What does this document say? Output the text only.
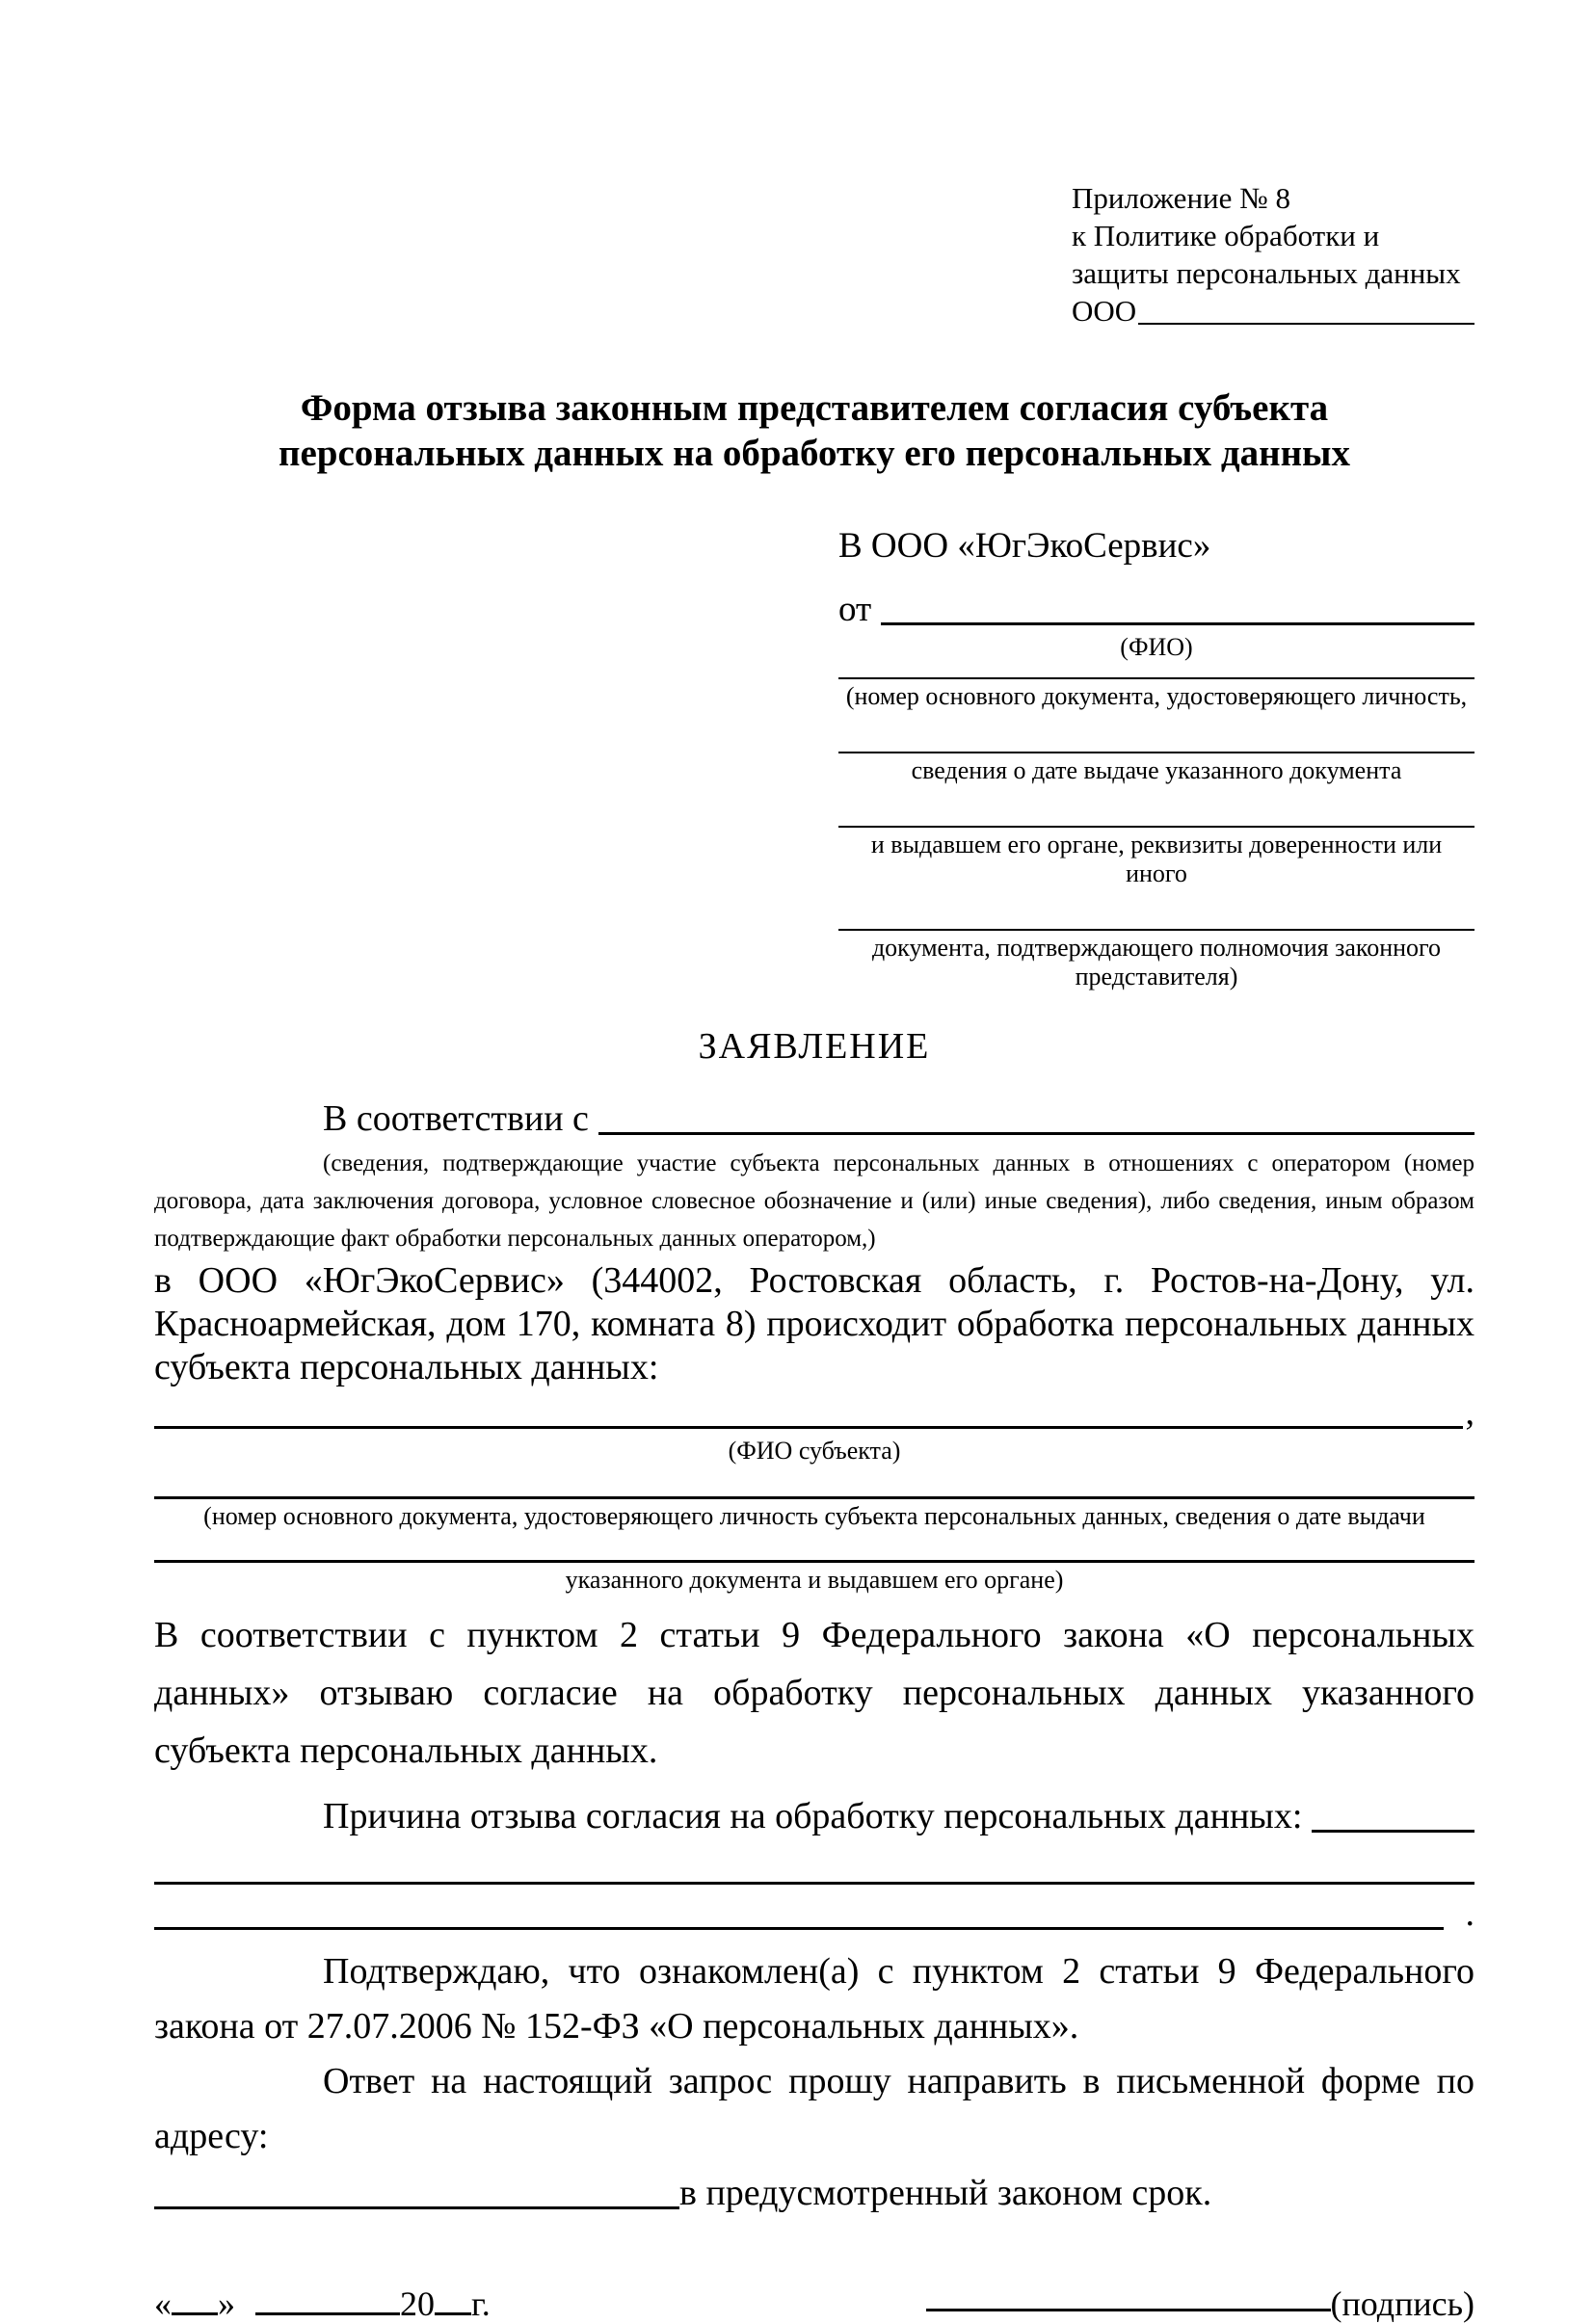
Приложение № 8
к Политике обработки и
защиты персональных данных
ООО
Форма отзыва законным представителем согласия субъекта
персональных данных на обработку его персональных данных
В ООО «ЮгЭкоСервис»
от
(ФИО)
(номер основного документа, удостоверяющего личность,
сведения о дате выдаче указанного документа
и выдавшем его органе, реквизиты доверенности или иного
документа, подтверждающего полномочия законного представителя)
ЗАЯВЛЕНИЕ
В соответствии с
(сведения, подтверждающие участие субъекта персональных данных в отношениях с оператором (номер договора, дата заключения договора, условное словесное обозначение и (или) иные сведения), либо сведения, иным образом подтверждающие факт обработки персональных данных оператором,)

в ООО «ЮгЭкоСервис» (344002, Ростовская область, г. Ростов-на-Дону, ул. Красноармейская, дом 170, комната 8) происходит обработка персональных данных субъекта персональных данных:

,
(ФИО субъекта)
(номер основного документа, удостоверяющего личность субъекта персональных данных, сведения о дате выдачи
указанного документа и выдавшем его органе)

В соответствии с пунктом 2 статьи 9 Федерального закона «О персональных данных» отзываю согласие на обработку персональных данных указанного субъекта персональных данных.

Причина отзыва согласия на обработку персональных данных:
.

Подтверждаю, что ознакомлен(а) с пунктом 2 статьи 9 Федерального закона от 27.07.2006 № 152-ФЗ «О персональных данных».

Ответ на настоящий запрос прошу направить в письменной форме по адресу:

в предусмотренный законом срок.
« »	20 г.	(подпись)
